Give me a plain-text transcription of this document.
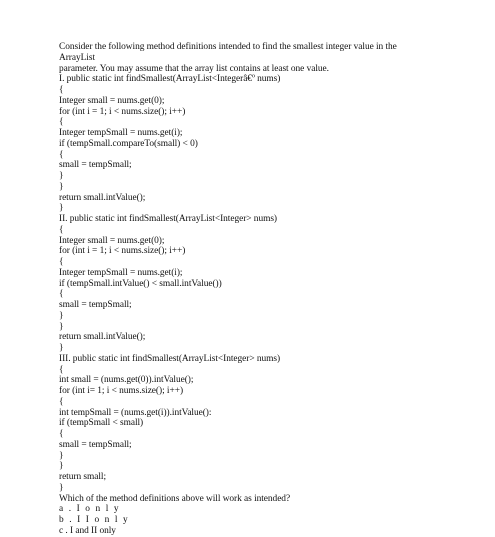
Consider the following method definitions intended to find the smallest integer value in the
ArrayList
parameter. You may assume that the array list contains at least one value.
I. public static int findSmallest(ArrayList<Integerâ€º nums)
{
Integer small = nums.get(0);
for (int i = 1; i < nums.size(); i++)
{
Integer tempSmall = nums.get(i);
if (tempSmall.compareTo(small) < 0)
{
small = tempSmall;
}
}
return small.intValue();
}
II. public static int findSmallest(ArrayList<Integer> nums)
{
Integer small = nums.get(0);
for (int i = 1; i < nums.size(); i++)
{
Integer tempSmall = nums.get(i);
if (tempSmall.intValue() < small.intValue())
{
small = tempSmall;
}
}
return small.intValue();
}
III. public static int findSmallest(ArrayList<Integer> nums)
{
int small = (nums.get(0)).intValue();
for (int i= 1; i < nums.size(); i++)
{
int tempSmall = (nums.get(i)).intValue():
if (tempSmall < small)
{
small = tempSmall;
}
}
return small;
}
Which of the method definitions above will work as intended?
a . I o n l y
b . I I o n l y
c . I and II only
